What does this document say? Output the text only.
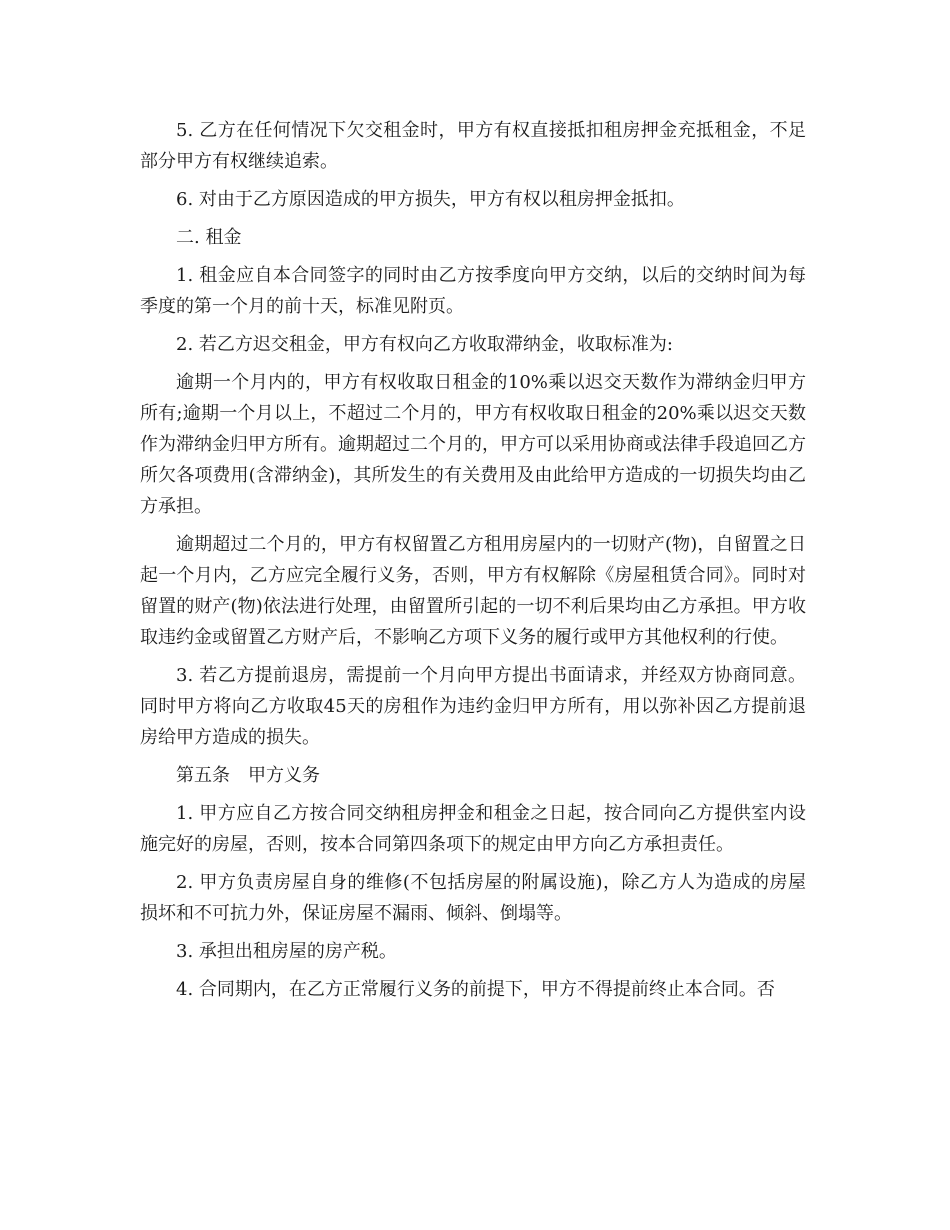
5. 乙方在任何情况下欠交租金时，甲方有权直接抵扣租房押金充抵租金，不足部分甲方有权继续追索。

6. 对由于乙方原因造成的甲方损失，甲方有权以租房押金抵扣。

二. 租金

1. 租金应自本合同签字的同时由乙方按季度向甲方交纳，以后的交纳时间为每季度的第一个月的前十天，标准见附页。

2. 若乙方迟交租金，甲方有权向乙方收取滞纳金，收取标准为:

逾期一个月内的，甲方有权收取日租金的10%乘以迟交天数作为滞纳金归甲方所有;逾期一个月以上，不超过二个月的，甲方有权收取日租金的20%乘以迟交天数作为滞纳金归甲方所有。逾期超过二个月的，甲方可以采用协商或法律手段追回乙方所欠各项费用(含滞纳金)，其所发生的有关费用及由此给甲方造成的一切损失均由乙方承担。

逾期超过二个月的，甲方有权留置乙方租用房屋内的一切财产(物)，自留置之日起一个月内，乙方应完全履行义务，否则，甲方有权解除《房屋租赁合同》。同时对留置的财产(物)依法进行处理，由留置所引起的一切不利后果均由乙方承担。甲方收取违约金或留置乙方财产后，不影响乙方项下义务的履行或甲方其他权利的行使。

3. 若乙方提前退房，需提前一个月向甲方提出书面请求，并经双方协商同意。同时甲方将向乙方收取45天的房租作为违约金归甲方所有，用以弥补因乙方提前退房给甲方造成的损失。

第五条　甲方义务

1. 甲方应自乙方按合同交纳租房押金和租金之日起，按合同向乙方提供室内设施完好的房屋，否则，按本合同第四条项下的规定由甲方向乙方承担责任。

2. 甲方负责房屋自身的维修(不包括房屋的附属设施)，除乙方人为造成的房屋损坏和不可抗力外，保证房屋不漏雨、倾斜、倒塌等。

3. 承担出租房屋的房产税。

4. 合同期内，在乙方正常履行义务的前提下，甲方不得提前终止本合同。否
